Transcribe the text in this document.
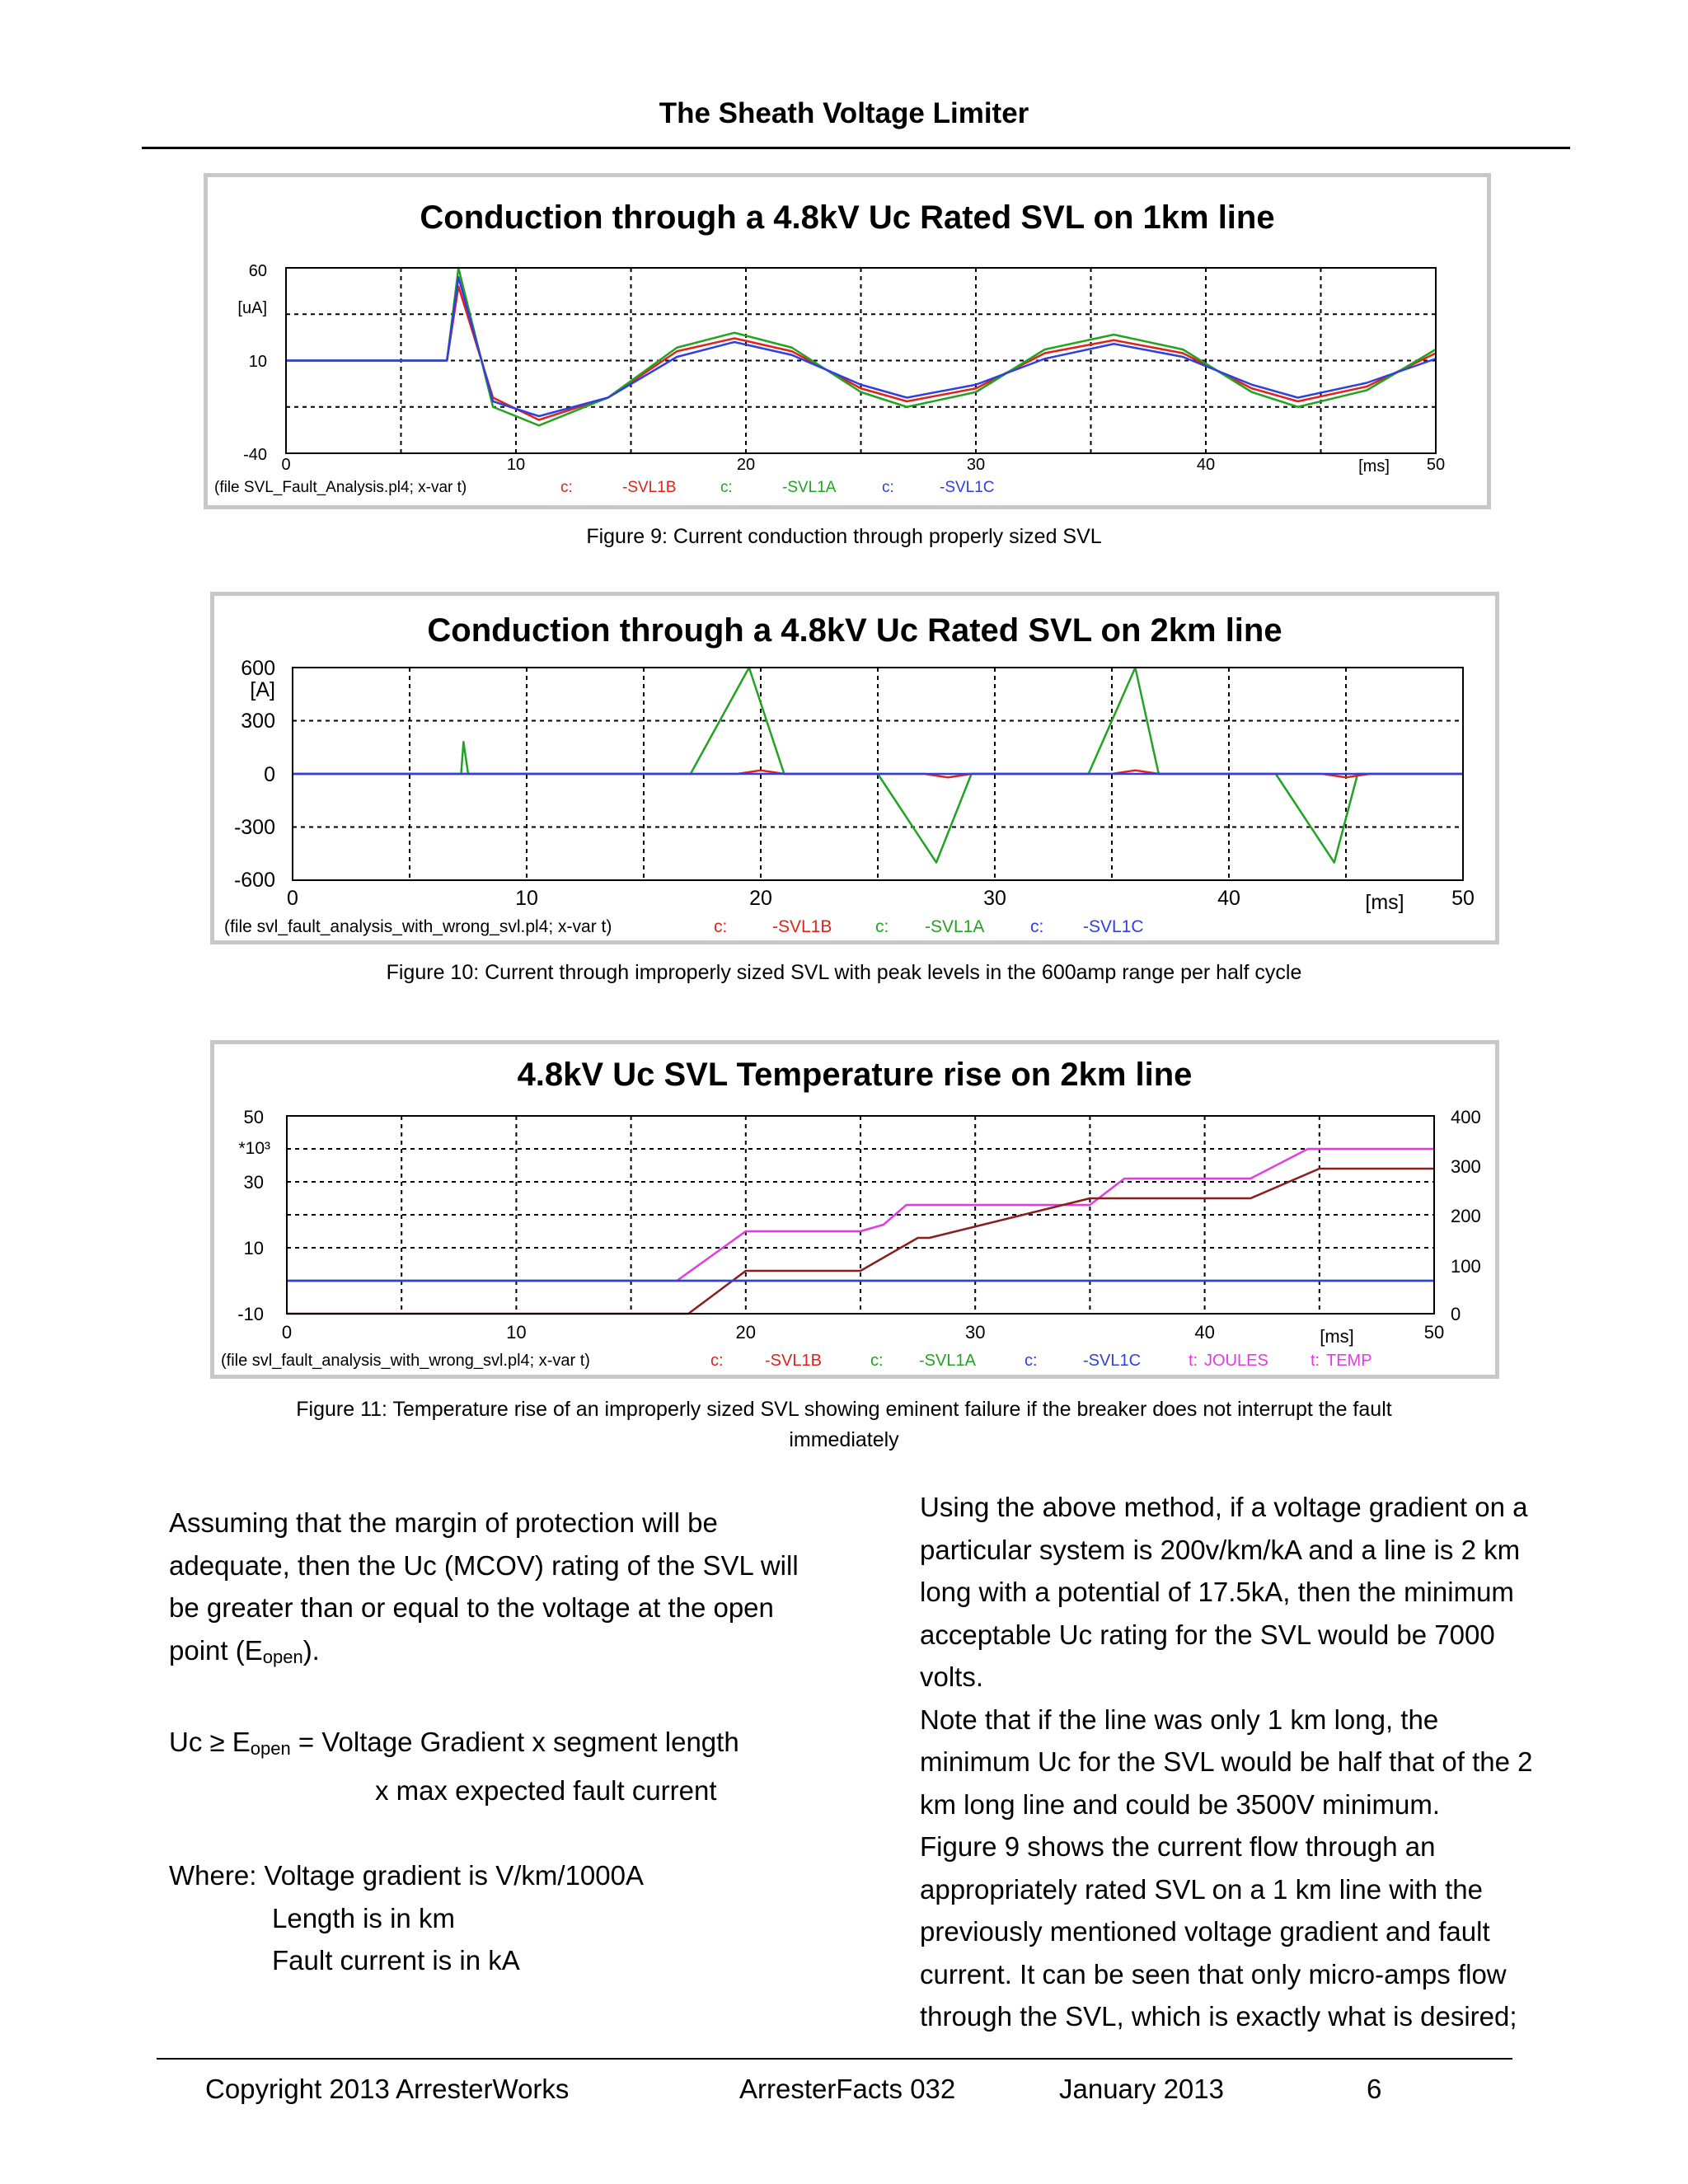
The Sheath Voltage Limiter
Conduction through a 4.8kV Uc Rated SVL on 1km line
60
[uA]
10
-40
0	10	20	30	40	50
[ms]
(file SVL_Fault_Analysis.pl4; x-var t)	c:	-SVL1B	c:	-SVL1A	c:	-SVL1C
Figure 9: Current conduction through properly sized SVL
Conduction through a 4.8kV Uc Rated SVL on 2km line
600
[A]
300
0
-300
-600
0	10	20	30	40	50
[ms]
(file svl_fault_analysis_with_wrong_svl.pl4; x-var t)	c:	-SVL1B	c: -SVL1A	c: -SVL1C
Figure 10: Current through improperly sized SVL with peak levels in the 600amp range per half cycle
4.8kV Uc SVL Temperature rise on 2km line
50
*10³
30
10
-10
400
300
200
100
0
0	10	20	30	40	50
[ms]
(file svl_fault_analysis_with_wrong_svl.pl4; x-var t)	c:	-SVL1B	c: -SVL1A	c:	-SVL1C	t: JOULES	t: TEMP
Figure 11: Temperature rise of an improperly sized SVL showing eminent failure if the breaker does not interrupt the fault
immediately

Assuming that the margin of protection will be adequate, then the Uc (MCOV) rating of the SVL will be greater than or equal to the voltage at the open point $(E_{open})$.

$Uc \ge E_{open}$ = Voltage Gradient x segment length

x max expected fault current

Where: Voltage gradient is V/km/1000A

Length is in km

Fault current is in kA

Using the above method, if a voltage gradient on a particular system is 200v/km/kA and a line is 2 km long with a potential of 17.5kA, then the minimum acceptable Uc rating for the SVL would be 7000 volts.

Note that if the line was only 1 km long, the minimum Uc for the SVL would be half that of the 2 km long line and could be 3500V minimum.

Figure 9 shows the current flow through an appropriately rated SVL on a 1 km line with the previously mentioned voltage gradient and fault current. It can be seen that only micro-amps flow through the SVL, which is exactly what is desired;

Copyright 2013 ArresterWorks	ArresterFacts 032	January 2013	6
